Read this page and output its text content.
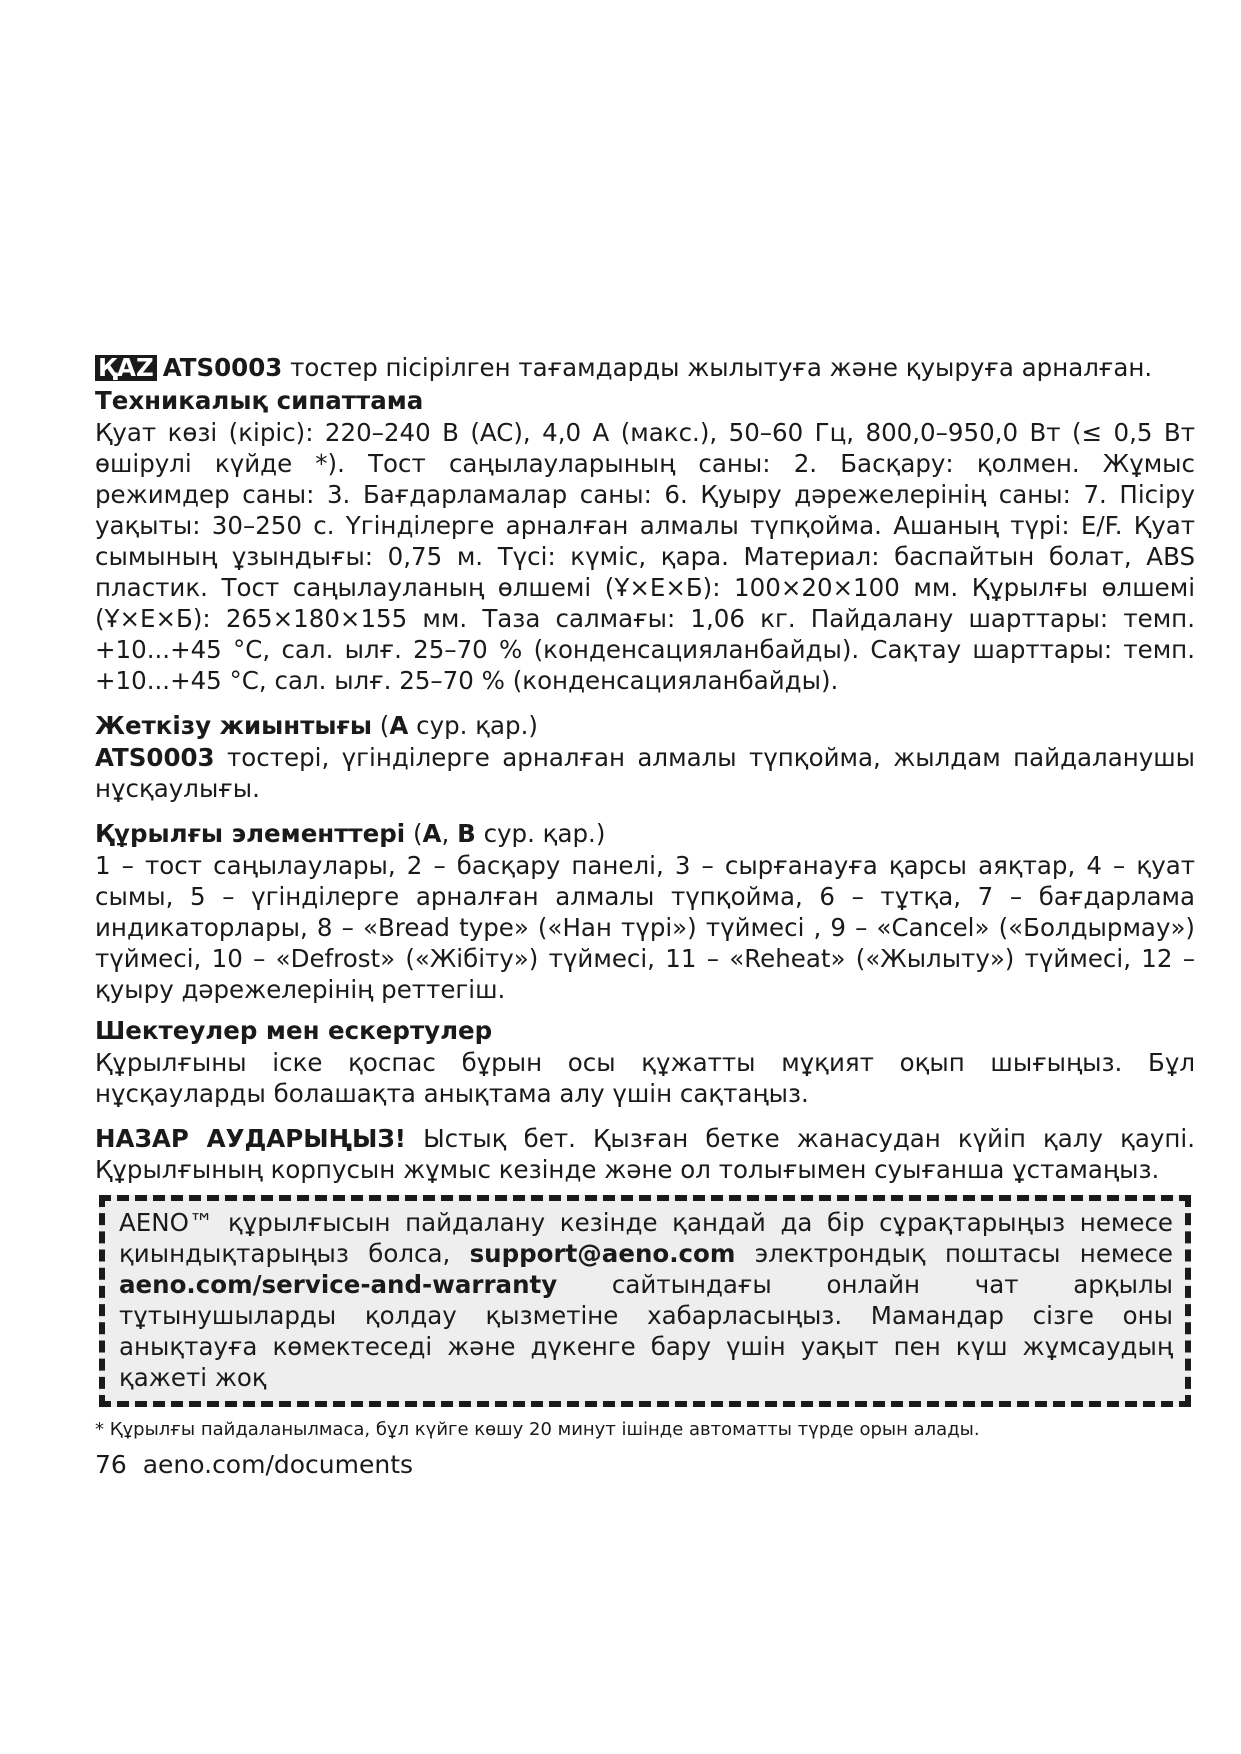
ҚAZ ATS0003 тостер пісірілген тағамдарды жылытуға және қуыруға арналған.

Техникалық сипаттама

Қуат көзі (кіріс): 220–240 В (AC), 4,0 А (макс.), 50–60 Гц, 800,0–950,0 Вт (≤ 0,5 Вт өшірулі күйде *). Тост саңылауларының саны: 2. Басқару: қолмен. Жұмыс режимдер саны: 3. Бағдарламалар саны: 6. Қуыру дәрежелерінің саны: 7. Пісіру уақыты: 30–250 с. Үгінділерге арналған алмалы түпқойма. Ашаның түрі: E/F. Қуат сымының ұзындығы: 0,75 м. Түсі: күміс, қара. Материал: баспайтын болат, ABS пластик. Тост саңылауланың өлшемі (Ұ×Е×Б): 100×20×100 мм. Құрылғы өлшемі (Ұ×Е×Б): 265×180×155 мм. Таза салмағы: 1,06 кг. Пайдалану шарттары: темп. +10...+45 °С, сал. ылғ. 25–70 % (конденсацияланбайды). Сақтау шарттары: темп. +10...+45 °С, сал. ылғ. 25–70 % (конденсацияланбайды).

Жеткізу жиынтығы (А сур. қар.)

ATS0003 тостері, үгінділерге арналған алмалы түпқойма, жылдам пайдаланушы нұсқаулығы.

Құрылғы элементтері (А, В сур. қар.)

1 – тост саңылаулары, 2 – басқару панелі, 3 – сырғанауға қарсы аяқтар, 4 – қуат сымы, 5 – үгінділерге арналған алмалы түпқойма, 6 – тұтқа, 7 – бағдарлама индикаторлары, 8 – «Bread type» («Нан түрі») түймесі , 9 – «Cancel» («Болдырмау») түймесі, 10 – «Defrost» («Жібіту») түймесі, 11 – «Reheat» («Жылыту») түймесі, 12 – қуыру дәрежелерінің реттегіш.

Шектеулер мен ескертулер

Құрылғыны іске қоспас бұрын осы құжатты мұқият оқып шығыңыз. Бұл нұсқауларды болашақта анықтама алу үшін сақтаңыз.

НАЗАР АУДАРЫҢЫЗ! Ыстық бет. Қызған бетке жанасудан күйіп қалу қаупі. Құрылғының корпусын жұмыс кезінде және ол толығымен суығанша ұстамаңыз.

AENO™ құрылғысын пайдалану кезінде қандай да бір сұрақтарыңыз немесе қиындықтарыңыз болса, support@aeno.com электрондық поштасы немесе aeno.com/service-and-warranty сайтындағы онлайн чат арқылы тұтынушыларды қолдау қызметіне хабарласыңыз. Мамандар сізге оны анықтауға көмектеседі және дүкенге бару үшін уақыт пен күш жұмсаудың қажеті жоқ

* Құрылғы пайдаланылмаса, бұл күйге көшу 20 минут ішінде автоматты түрде орын алады.

76 aeno.com/documents
